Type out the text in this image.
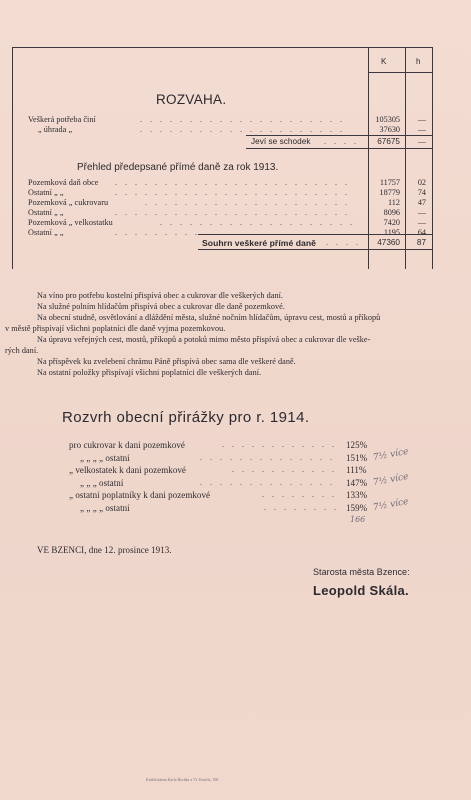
K	h
ROZVAHA.
Veškerá potřeba činí	. . . . . . . . . . . . . . . . . . . . .	105305	—
„ úhrada „	. . . . . . . . . . . . . . . . . . . . .	37630	—
Jeví se schodek . . . .	67675	—
Přehled předepsané přímé daně za rok 1913.
Pozemková daň obce . . . . . . . . . . . . . . . . . . . . . . . .	11757	02
Ostatní „ „	. . . . . . . . . . . . . . . . . . . . . . . .	18779	74
Pozemková „ cukrovaru	. . . . . . . . . . . . . . . . . . . . .	112	47
Ostatní „ „	. . . . . . . . . . . . . . . . . . . . . . . .	8096	—
Pozemková „ velkostatku	. . . . . . . . . . . . . . . . . . . .	7420	—
Ostatní „ „	. . . . . . . . . . . . . . . . . . . . . . . .	1195	64
Souhrn veškeré přímé daně . . . .	47360	87
Na víno pro potřebu kostelní přispívá obec a cukrovar dle veškerých daní.
Na služné polním hlídačům přispívá obec a cukrovar dle daně pozemkové.
Na obecní studně, osvětlování a dláždění města, služné nočním hlídačům, úpravu cest, mostů a příkopů
v městě přispívají všichni poplatníci dle daně vyjma pozemkovou.
Na úpravu veřejných cest, mostů, příkopů a potoků mimo město přispívá obec a cukrovar dle veške-
rých daní.
Na příspěvek ku zvelebení chrámu Páně přispívá obec sama dle veškeré daně.
Na ostatní položky přispívají všichni poplatníci dle veškerých daní.
Rozvrh obecní přirážky pro r. 1914.
pro cukrovar k dani pozemkové	. . . . . . . . . . . .	125%
„ „ „ „ ostatní	. . . . . . . . . . . . . .	151% 7½ více
„ velkostatek k dani pozemkové	. . . . . . . . . . .	111%
„ „ „ ostatní	. . . . . . . . . . . . . .	147% 7½ více
„ ostatní poplatníky k dani pozemkové	. . . . . . . .	133%
„ „ „ „ ostatní	. . . . . . . . 159% 7½ více
166
VE BZENCI, dne 12. prosince 1913.
Starosta města Bzence:
Leopold Skála.
Knihtiskárna Karla Horáka a Vl. Krutila, 196
